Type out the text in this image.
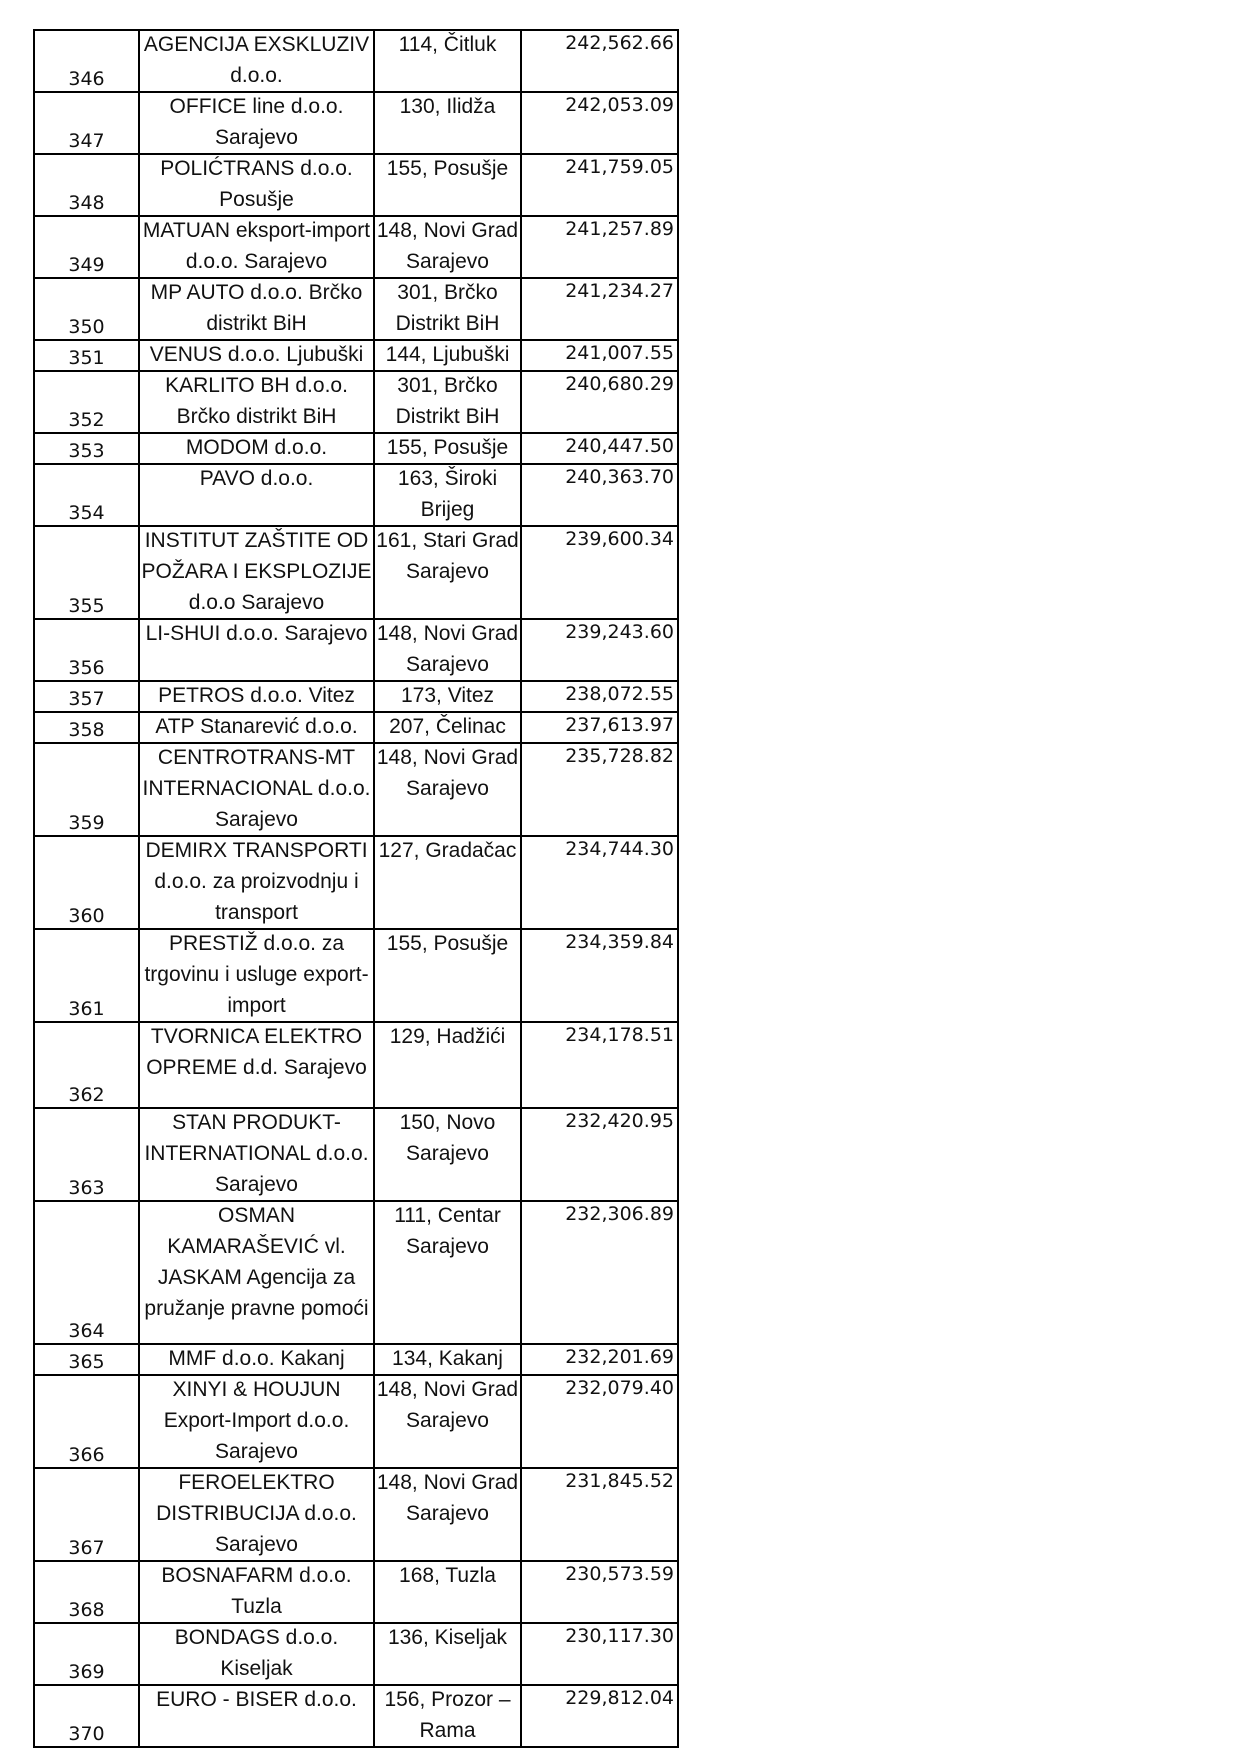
346	AGENCIJA EXSKLUZIV d.o.o.	114, Čitluk	242,562.66

347	OFFICE line d.o.o. Sarajevo	130, Ilidža	242,053.09

348	POLIĆTRANS d.o.o. Posušje	155, Posušje	241,759.05

349	MATUAN eksport-import d.o.o. Sarajevo	148, Novi Grad Sarajevo	241,257.89

350	MP AUTO d.o.o. Brčko distrikt BiH	301, Brčko Distrikt BiH	241,234.27

351	VENUS d.o.o. Ljubuški	144, Ljubuški	241,007.55

352	KARLITO BH d.o.o. Brčko distrikt BiH	301, Brčko Distrikt BiH	240,680.29

353	MODOM d.o.o.	155, Posušje	240,447.50

354	PAVO d.o.o.	163, Široki Brijeg	240,363.70

355	INSTITUT ZAŠTITE OD POŽARA I EKSPLOZIJE d.o.o Sarajevo	161, Stari Grad Sarajevo	239,600.34

356	LI-SHUI d.o.o. Sarajevo	148, Novi Grad Sarajevo	239,243.60

357	PETROS d.o.o. Vitez	173, Vitez	238,072.55

358	ATP Stanarević d.o.o.	207, Čelinac	237,613.97

359	CENTROTRANS-MT INTERNACIONAL d.o.o. Sarajevo	148, Novi Grad Sarajevo	235,728.82

360	DEMIRX TRANSPORTI d.o.o. za proizvodnju i transport	127, Gradačac	234,744.30

361	PRESTIŽ d.o.o. za trgovinu i usluge export-import	155, Posušje	234,359.84

362	TVORNICA ELEKTRO OPREME d.d. Sarajevo	129, Hadžići	234,178.51

363	STAN PRODUKT-INTERNATIONAL d.o.o. Sarajevo	150, Novo Sarajevo	232,420.95

364	OSMAN KAMARAŠEVIĆ vl. JASKAM Agencija za pružanje pravne pomoći	111, Centar Sarajevo	232,306.89

365	MMF d.o.o. Kakanj	134, Kakanj	232,201.69

366	XINYI & HOUJUN Export-Import d.o.o. Sarajevo	148, Novi Grad Sarajevo	232,079.40

367	FEROELEKTRO DISTRIBUCIJA d.o.o. Sarajevo	148, Novi Grad Sarajevo	231,845.52

368	BOSNAFARM d.o.o. Tuzla	168, Tuzla	230,573.59

369	BONDAGS d.o.o. Kiseljak	136, Kiseljak	230,117.30

370	EURO - BISER d.o.o.	156, Prozor – Rama	229,812.04
